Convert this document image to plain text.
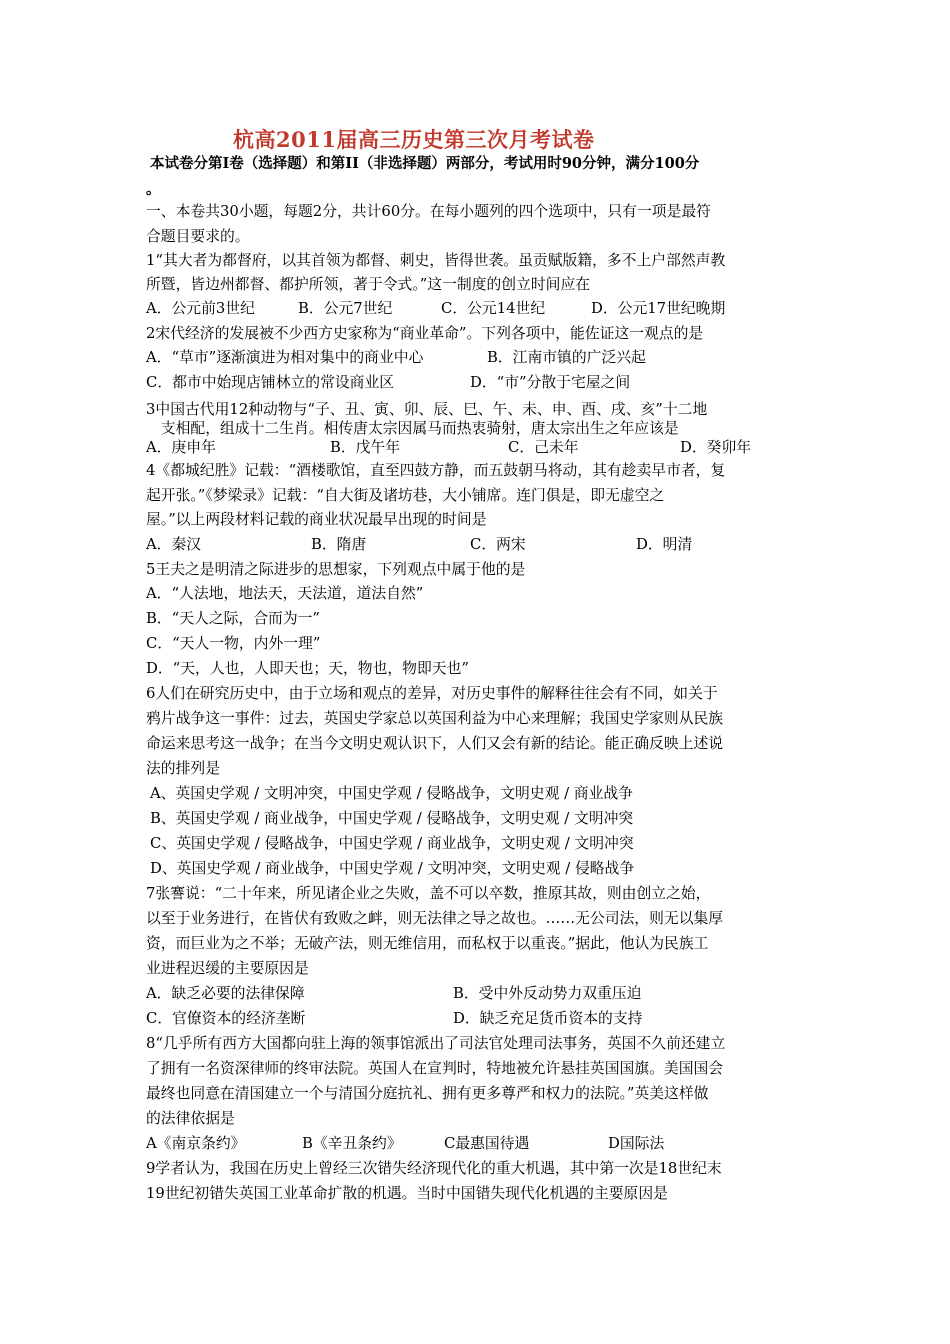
杭高2011届高三历史第三次月考试卷
本试卷分第I卷（选择题）和第II（非选择题）两部分，考试用时90分钟，满分100分
。
一、本卷共30小题，每题2分，共计60分。在每小题列的四个选项中，只有一项是最符
合题目要求的。
1“其大者为都督府，以其首领为都督、刺史，皆得世袭。虽贡赋版籍，多不上户部然声教
所暨，皆边州都督、都护所领，著于令式。”这一制度的创立时间应在
A．公元前3世纪	B．公元7世纪	C．公元14世纪	D．公元17世纪晚期
2宋代经济的发展被不少西方史家称为“商业革命”。下列各项中，能佐证这一观点的是
A．“草市”逐渐演进为相对集中的商业中心	B．江南市镇的广泛兴起
C．都市中始现店铺林立的常设商业区	D．“市”分散于宅屋之间
3中国古代用12种动物与“子、丑、寅、卯、辰、巳、午、未、申、酉、戌、亥”十二地
　支相配，组成十二生肖。相传唐太宗因属马而热衷骑射，唐太宗出生之年应该是
A．庚申年	B．戊午年	C．己未年	D．癸卯年
4《都城纪胜》记载：“酒楼歌馆，直至四鼓方静，而五鼓朝马将动，其有趁卖早市者，复
起开张。”《梦梁录》记载：“自大街及诸坊巷，大小铺席。连门俱是，即无虚空之
屋。”以上两段材料记载的商业状况最早出现的时间是
A．秦汉	B．隋唐	C．两宋	D．明清
5王夫之是明清之际进步的思想家，下列观点中属于他的是
A．“人法地，地法天，天法道，道法自然”
B．“天人之际，合而为一”
C．“天人一物，内外一理”
D．“天，人也，人即天也；天，物也，物即天也”
6人们在研究历史中，由于立场和观点的差异，对历史事件的解释往往会有不同，如关于
鸦片战争这一事件：过去，英国史学家总以英国利益为中心来理解；我国史学家则从民族
命运来思考这一战争；在当今文明史观认识下，人们又会有新的结论。能正确反映上述说
法的排列是
A、英国史学观 / 文明冲突，中国史学观 / 侵略战争，文明史观 / 商业战争
B、英国史学观 / 商业战争，中国史学观 / 侵略战争，文明史观 / 文明冲突
C、英国史学观 / 侵略战争，中国史学观 / 商业战争，文明史观 / 文明冲突
D、英国史学观 / 商业战争，中国史学观 / 文明冲突，文明史观 / 侵略战争
7张謇说：“二十年来，所见诸企业之失败，盖不可以卒数，推原其故，则由创立之始，
以至于业务进行，在皆伏有致败之衅，则无法律之导之故也。……无公司法，则无以集厚
资，而巨业为之不举；无破产法，则无维信用，而私权于以重丧。”据此，他认为民族工
业进程迟缓的主要原因是
A．缺乏必要的法律保障	B．受中外反动势力双重压迫
C．官僚资本的经济垄断	D．缺乏充足货币资本的支持
8“几乎所有西方大国都向驻上海的领事馆派出了司法官处理司法事务，英国不久前还建立
了拥有一名资深律师的终审法院。英国人在宣判时，特地被允许悬挂英国国旗。美国国会
最终也同意在清国建立一个与清国分庭抗礼、拥有更多尊严和权力的法院。”英美这样做
的法律依据是
A《南京条约》	B《辛丑条约》	C最惠国待遇	D国际法
9学者认为，我国在历史上曾经三次错失经济现代化的重大机遇，其中第一次是18世纪末
19世纪初错失英国工业革命扩散的机遇。当时中国错失现代化机遇的主要原因是
